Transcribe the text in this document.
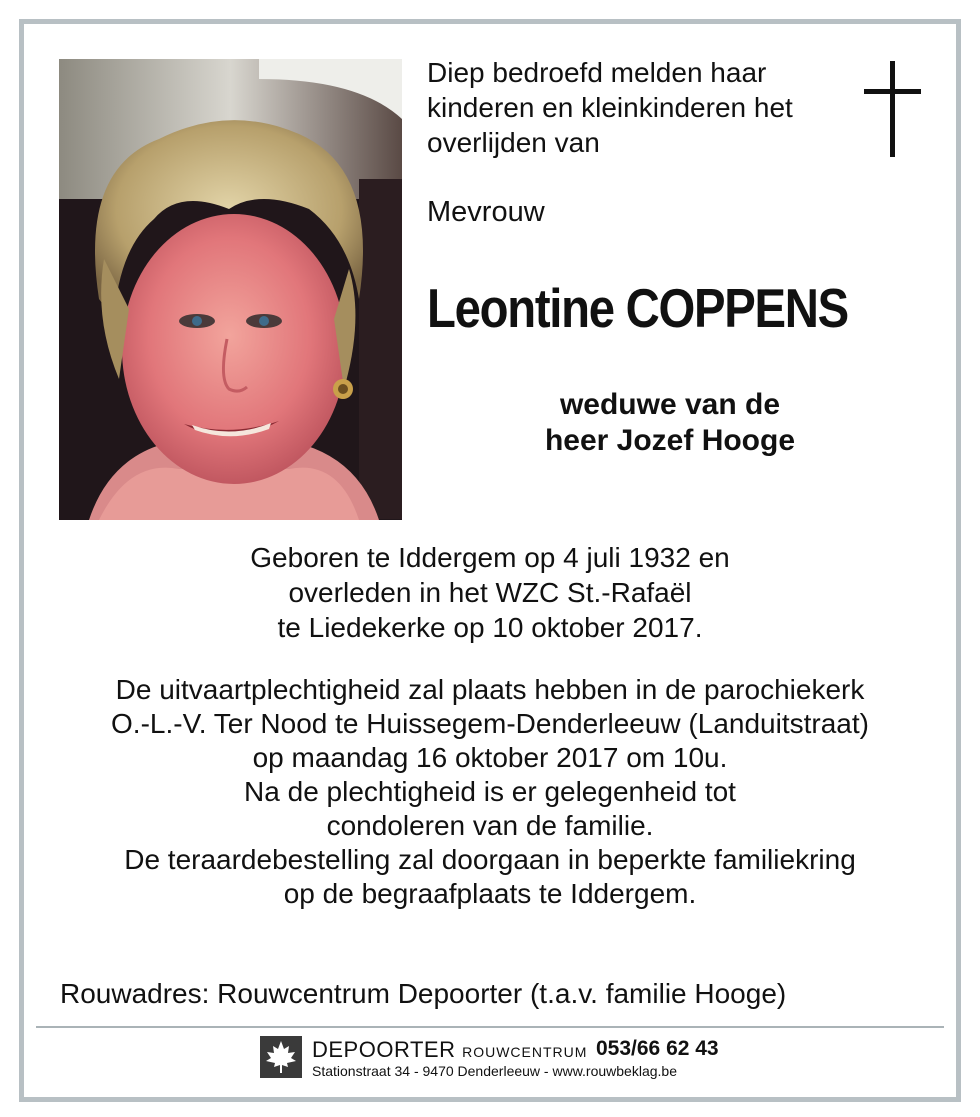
Diep bedroefd melden haar
kinderen en kleinkinderen het
overlijden van

Mevrouw

Leontine COPPENS
weduwe van de
heer Jozef Hooge
Geboren te Iddergem op 4 juli 1932 en
overleden in het WZC St.-Rafaël
te Liedekerke op 10 oktober 2017.
De uitvaartplechtigheid zal plaats hebben in de parochiekerk
O.-L.-V. Ter Nood te Huissegem-Denderleeuw (Landuitstraat)
op maandag 16 oktober 2017 om 10u.
Na de plechtigheid is er gelegenheid tot
condoleren van de familie.
De teraardebestelling zal doorgaan in beperkte familiekring
op de begraafplaats te Iddergem.

Rouwadres: Rouwcentrum Depoorter (t.a.v. familie Hooge)

DEPOORTER ROUWCENTRUM 053/66 62 43
Stationstraat 34 - 9470 Denderleeuw - www.rouwbeklag.be
